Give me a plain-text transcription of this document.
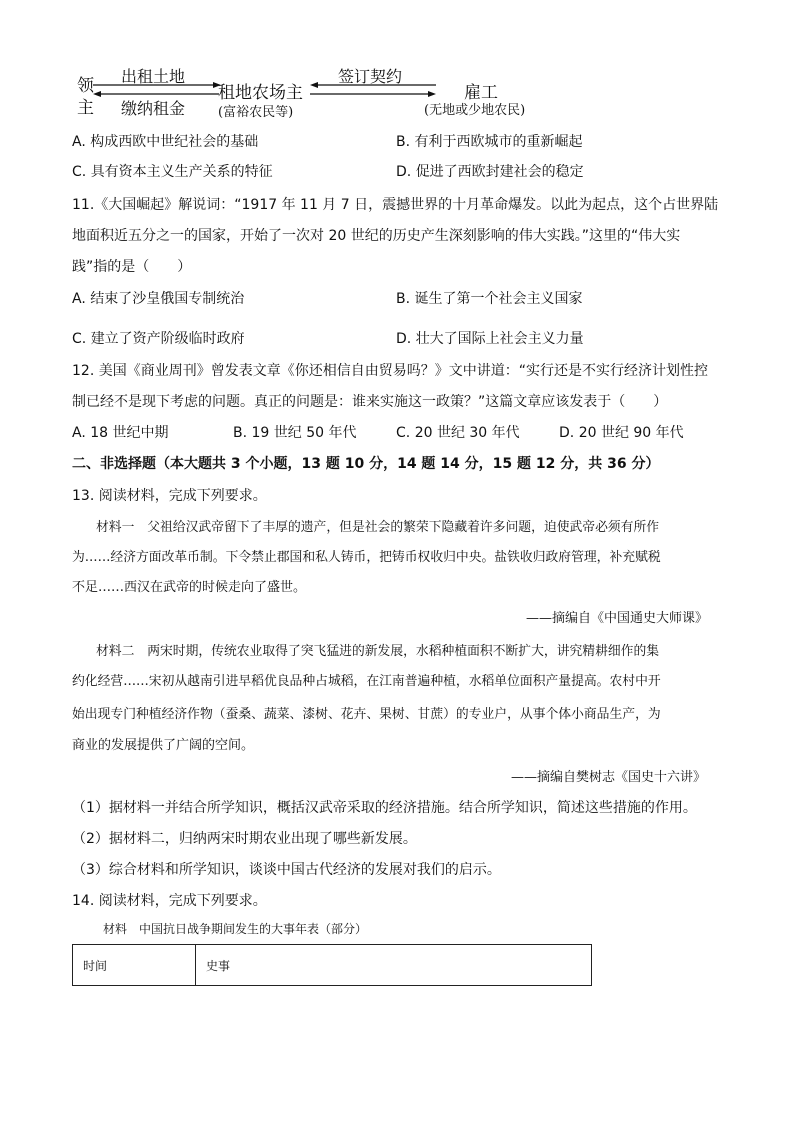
领
主
出租土地
缴纳租金
租地农场主
(富裕农民等)
签订契约
雇工
(无地或少地农民)
A. 构成西欧中世纪社会的基础	B. 有利于西欧城市的重新崛起
C. 具有资本主义生产关系的特征	D. 促进了西欧封建社会的稳定
11.《大国崛起》解说词：“1917 年 11 月 7 日，震撼世界的十月革命爆发。以此为起点，这个占世界陆
地面积近五分之一的国家，开始了一次对 20 世纪的历史产生深刻影响的伟大实践。”这里的“伟大实
践”指的是（　　）
A. 结束了沙皇俄国专制统治	B. 诞生了第一个社会主义国家
C. 建立了资产阶级临时政府	D. 壮大了国际上社会主义力量
12. 美国《商业周刊》曾发表文章《你还相信自由贸易吗？》文中讲道：“实行还是不实行经济计划性控
制已经不是现下考虑的问题。真正的问题是：谁来实施这一政策？”这篇文章应该发表于（　　）
A. 18 世纪中期	B. 19 世纪 50 年代	C. 20 世纪 30 年代	D. 20 世纪 90 年代
二、非选择题（本大题共 3 个小题，13 题 10 分，14 题 14 分，15 题 12 分，共 36 分）
13. 阅读材料，完成下列要求。
材料一　父祖给汉武帝留下了丰厚的遗产，但是社会的繁荣下隐藏着许多问题，迫使武帝必须有所作
为……经济方面改革币制。下令禁止郡国和私人铸币，把铸币权收归中央。盐铁收归政府管理，补充赋税
不足……西汉在武帝的时候走向了盛世。
——摘编自《中国通史大师课》
材料二　两宋时期，传统农业取得了突飞猛进的新发展，水稻种植面积不断扩大，讲究精耕细作的集
约化经营……宋初从越南引进早稻优良品种占城稻，在江南普遍种植，水稻单位面积产量提高。农村中开
始出现专门种植经济作物（蚕桑、蔬菜、漆树、花卉、果树、甘蔗）的专业户，从事个体小商品生产，为
商业的发展提供了广阔的空间。
——摘编自樊树志《国史十六讲》
（1）据材料一并结合所学知识，概括汉武帝采取的经济措施。结合所学知识，简述这些措施的作用。
（2）据材料二，归纳两宋时期农业出现了哪些新发展。
（3）综合材料和所学知识，谈谈中国古代经济的发展对我们的启示。
14. 阅读材料，完成下列要求。
材料　中国抗日战争期间发生的大事年表（部分）
时间	史事
